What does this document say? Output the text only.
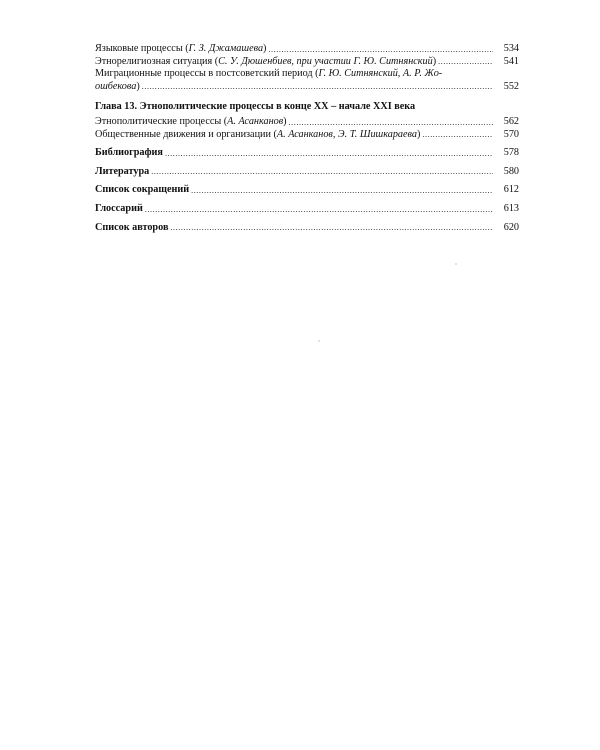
Языковые процессы (Г. З. Джамашева) .....	534
Этнорелигиозная ситуация (С. У. Дюшенбиев, при участии Г. Ю. Ситнянский) .....	541
Миграционные процессы в постсоветский период (Г. Ю. Ситнянский, А. Р. Жо-
ошбекова) .....	552
Глава 13. Этнополитические процессы в конце XX – начале XXI века
Этнополитические процессы (А. Асанканов) .....	562
Общественные движения и организации (А. Асанканов, Э. Т. Шишкараева) .....	570
Библиография .....	578
Литература .....	580
Список сокращений .....	612
Глоссарий .....	613
Список авторов .....	620
